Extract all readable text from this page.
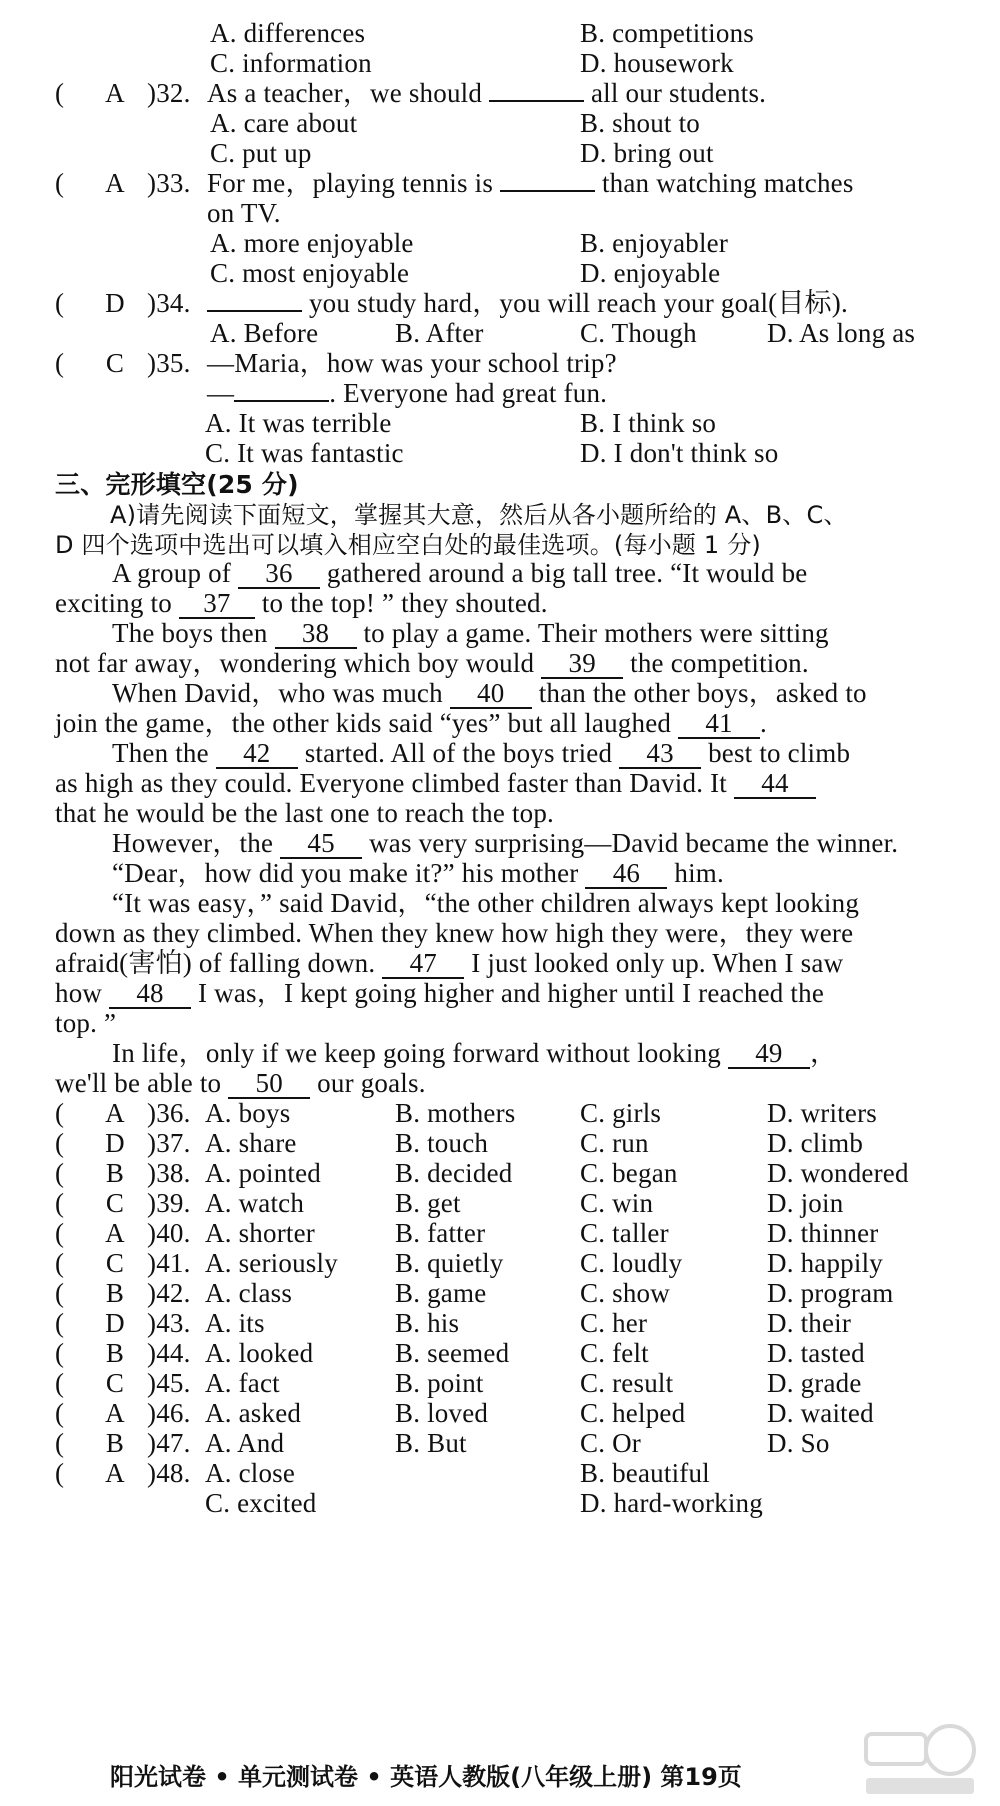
A. differences	B. competitions
C. information	D. housework
(	A )32. As a teacher，we should	all our students.
A. care about	B. shout to
C. put up	D. bring out
(	A )33. For me，playing tennis is	than watching matches
on TV.
A. more enjoyable	B. enjoyabler
C. most enjoyable	D. enjoyable
(	D )34.	you study hard，you will reach your goal(目标).
A. Before	B. After	C. Though	D. As long as
(	C )35. —Maria，how was your school trip?
—	. Everyone had great fun.
A. It was terrible	B. I think so
C. It was fantastic	D. I don't think so
三、完形填空(25 分)
A)请先阅读下面短文，掌握其大意，然后从各小题所给的 A、B、C、
D 四个选项中选出可以填入相应空白处的最佳选项。(每小题 1 分)
A group of 36 gathered around a big tall tree. “It would be
exciting to 37 to the top! ” they shouted.
The boys then 38 to play a game. Their mothers were sitting
not far away，wondering which boy would 39 the competition.
When David，who was much 40 than the other boys，asked to
join the game，the other kids said “yes” but all laughed 41 .
Then the 42 started. All of the boys tried 43 best to climb
as high as they could. Everyone climbed faster than David. It 44
that he would be the last one to reach the top.
However，the 45 was very surprising—David became the winner.
“Dear，how did you make it?” his mother 46 him.
“It was easy，” said David，“the other children always kept looking
down as they climbed. When they knew how high they were，they were
afraid(害怕) of falling down. 47 I just looked only up. When I saw
how 48 I was，I kept going higher and higher until I reached the
top. ”
In life，only if we keep going forward without looking 49 ，
we'll be able to 50 our goals.
(	A )36. A. boys	B. mothers C. girls	D. writers
(	D )37. A. share	B. touch	C. run	D. climb
(	B )38. A. pointed	B. decided	C. began	D. wondered
(	C )39. A. watch	B. get	C. win	D. join
(	A )40. A. shorter	B. fatter	C. taller	D. thinner
(	C )41. A. seriously B. quietly	C. loudly	D. happily
(	B )42. A. class	B. game	C. show	D. program
(	D )43. A. its	B. his	C. her	D. their
(	B )44. A. looked	B. seemed	C. felt	D. tasted
(	C )45. A. fact	B. point	C. result	D. grade
(	A )46. A. asked	B. loved	C. helped	D. waited
(	B )47. A. And	B. But	C. Or	D. So
(	A )48. A. close	B. beautiful
C. excited	D. hard-working
阳光试卷 • 单元测试卷 • 英语人教版(八年级上册) 第19页
